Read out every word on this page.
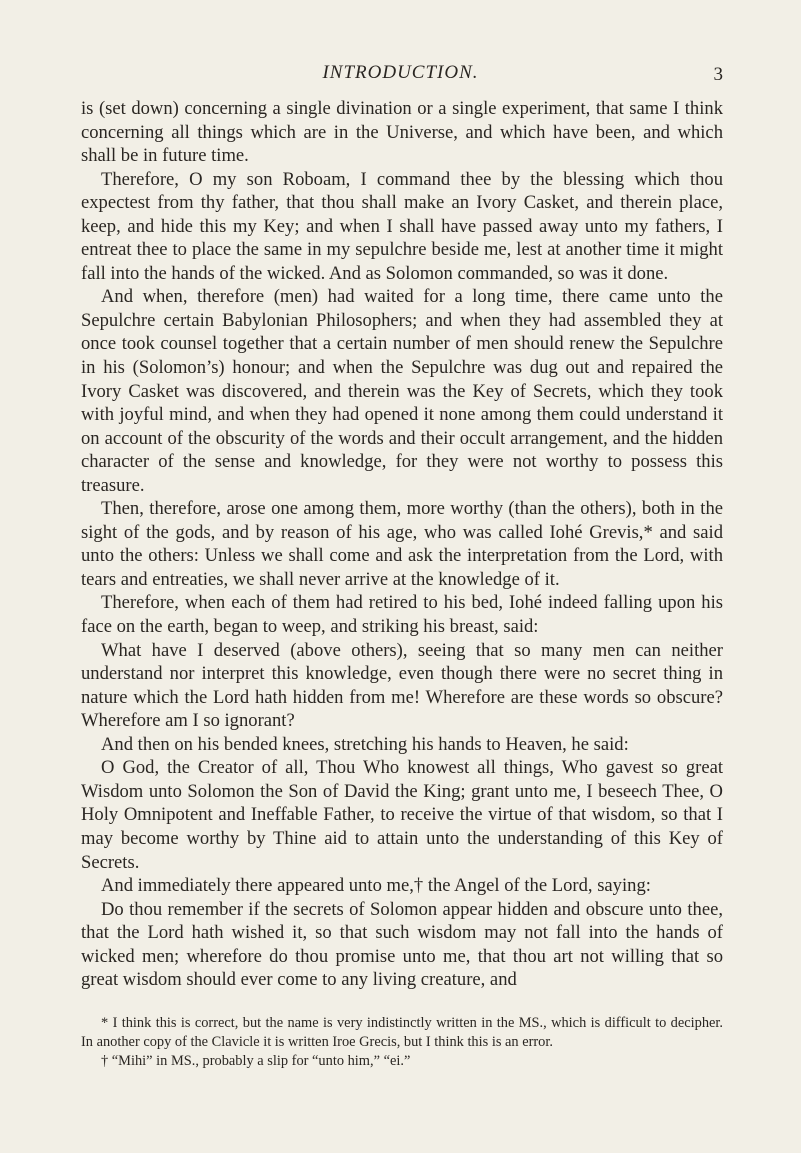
INTRODUCTION.	3

is (set down) concerning a single divination or a single experiment, that same I think concerning all things which are in the Universe, and which have been, and which shall be in future time.

Therefore, O my son Roboam, I command thee by the blessing which thou expectest from thy father, that thou shall make an Ivory Casket, and therein place, keep, and hide this my Key; and when I shall have passed away unto my fathers, I entreat thee to place the same in my sepulchre beside me, lest at another time it might fall into the hands of the wicked. And as Solomon commanded, so was it done.

And when, therefore (men) had waited for a long time, there came unto the Sepulchre certain Babylonian Philosophers; and when they had assembled they at once took counsel together that a certain number of men should renew the Sepulchre in his (Solomon’s) honour; and when the Sepulchre was dug out and repaired the Ivory Casket was discovered, and therein was the Key of Secrets, which they took with joyful mind, and when they had opened it none among them could understand it on account of the obscurity of the words and their occult arrangement, and the hidden character of the sense and knowledge, for they were not worthy to possess this treasure.

Then, therefore, arose one among them, more worthy (than the others), both in the sight of the gods, and by reason of his age, who was called Iohé Grevis,* and said unto the others: Unless we shall come and ask the interpretation from the Lord, with tears and entreaties, we shall never arrive at the knowledge of it.

Therefore, when each of them had retired to his bed, Iohé indeed falling upon his face on the earth, began to weep, and striking his breast, said:

What have I deserved (above others), seeing that so many men can neither understand nor interpret this knowledge, even though there were no secret thing in nature which the Lord hath hidden from me! Wherefore are these words so obscure? Wherefore am I so ignorant?

And then on his bended knees, stretching his hands to Heaven, he said:

O God, the Creator of all, Thou Who knowest all things, Who gavest so great Wisdom unto Solomon the Son of David the King; grant unto me, I beseech Thee, O Holy Omnipotent and Ineffable Father, to receive the virtue of that wisdom, so that I may become worthy by Thine aid to attain unto the understanding of this Key of Secrets.

And immediately there appeared unto me,† the Angel of the Lord, saying:

Do thou remember if the secrets of Solomon appear hidden and obscure unto thee, that the Lord hath wished it, so that such wisdom may not fall into the hands of wicked men; wherefore do thou promise unto me, that thou art not willing that so great wisdom should ever come to any living creature, and

* I think this is correct, but the name is very indistinctly written in the MS., which is difficult to decipher. In another copy of the Clavicle it is written Iroe Grecis, but I think this is an error.

† “Mihi” in MS., probably a slip for “unto him,” “ei.”
